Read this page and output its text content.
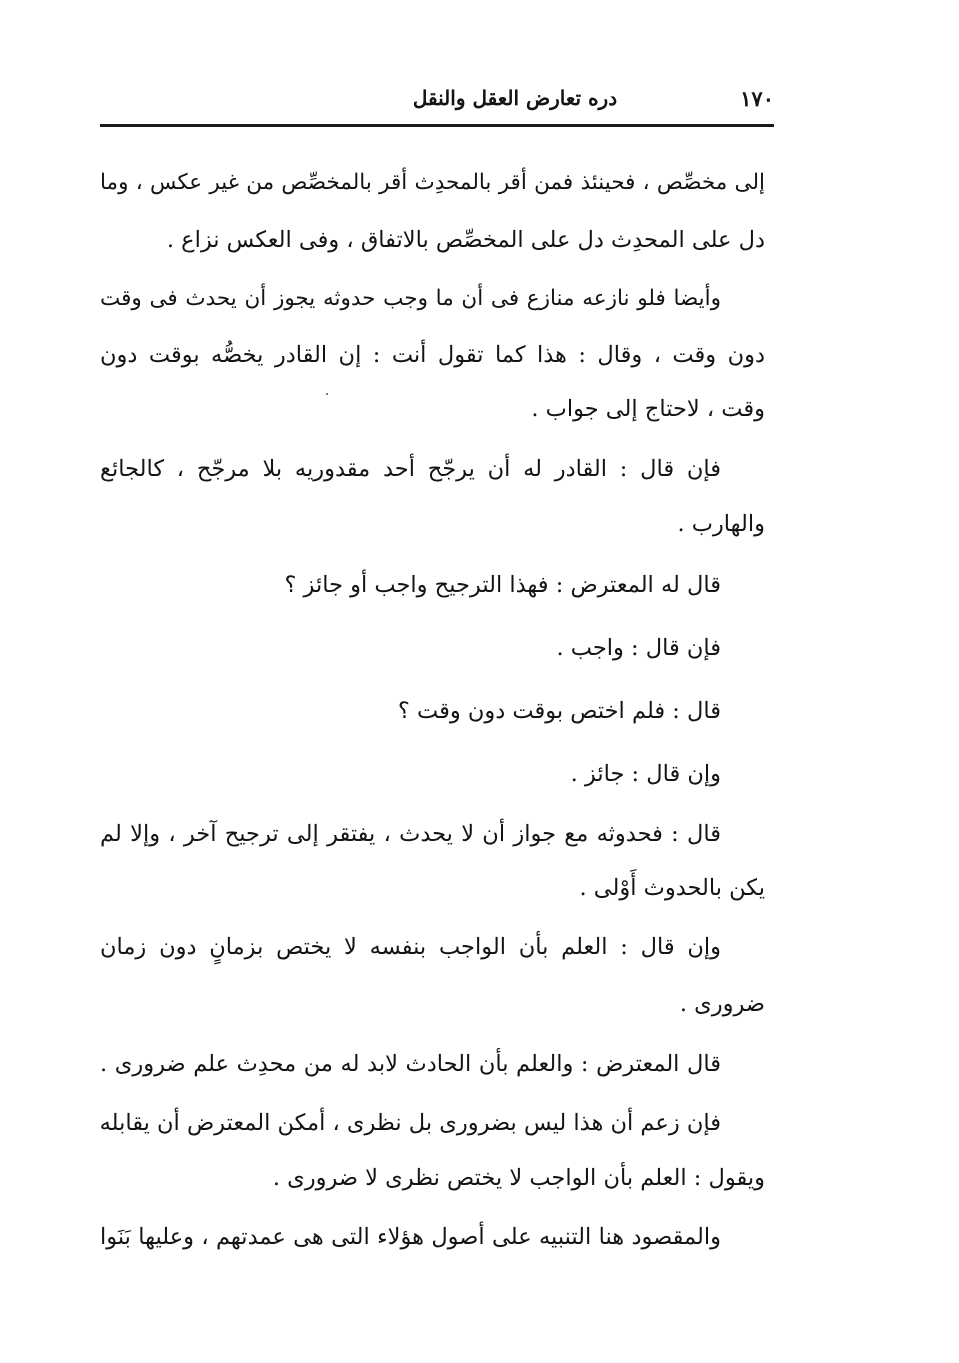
١٧٠
دره تعارض العقل والنقل
إلى مخصِّص ، فحينئذ فمن أقر بالمحدِث أقر بالمخصِّص من غير عكس ، وما
دل على المحدِث دل على المخصِّص بالاتفاق ، وفى العكس نزاع .
وأيضا فلو نازعه منازع فى أن ما وجب حدوثه يجوز أن يحدث فى وقت
دون وقت ، وقال : هذا كما تقول أنت : إن القادر يخصُّه بوقت دون
وقت ، لاحتاج إلى جواب .
فإن قال : القادر له أن يرجّح أحد مقدوريه بلا مرجّح ، كالجائع
والهارب .
قال له المعترض : فهذا الترجيح واجب أو جائز ؟
فإن قال : واجب .
قال : فلم اختص بوقت دون وقت ؟
وإن قال : جائز .
قال : فحدوثه مع جواز أن لا يحدث ، يفتقر إلى ترجيح آخر ، وإلا لم
يكن بالحدوث أَوْلى .
وإن قال : العلم بأن الواجب بنفسه لا يختص بزمانٍ دون زمان
ضرورى .
قال المعترض : والعلم بأن الحادث لابد له من محدِث علم ضرورى .
فإن زعم أن هذا ليس بضرورى بل نظرى ، أمكن المعترض أن يقابله
ويقول : العلم بأن الواجب لا يختص نظرى لا ضرورى .
والمقصود هنا التنبيه على أصول هؤلاء التى هى عمدتهم ، وعليها بَنَوا
